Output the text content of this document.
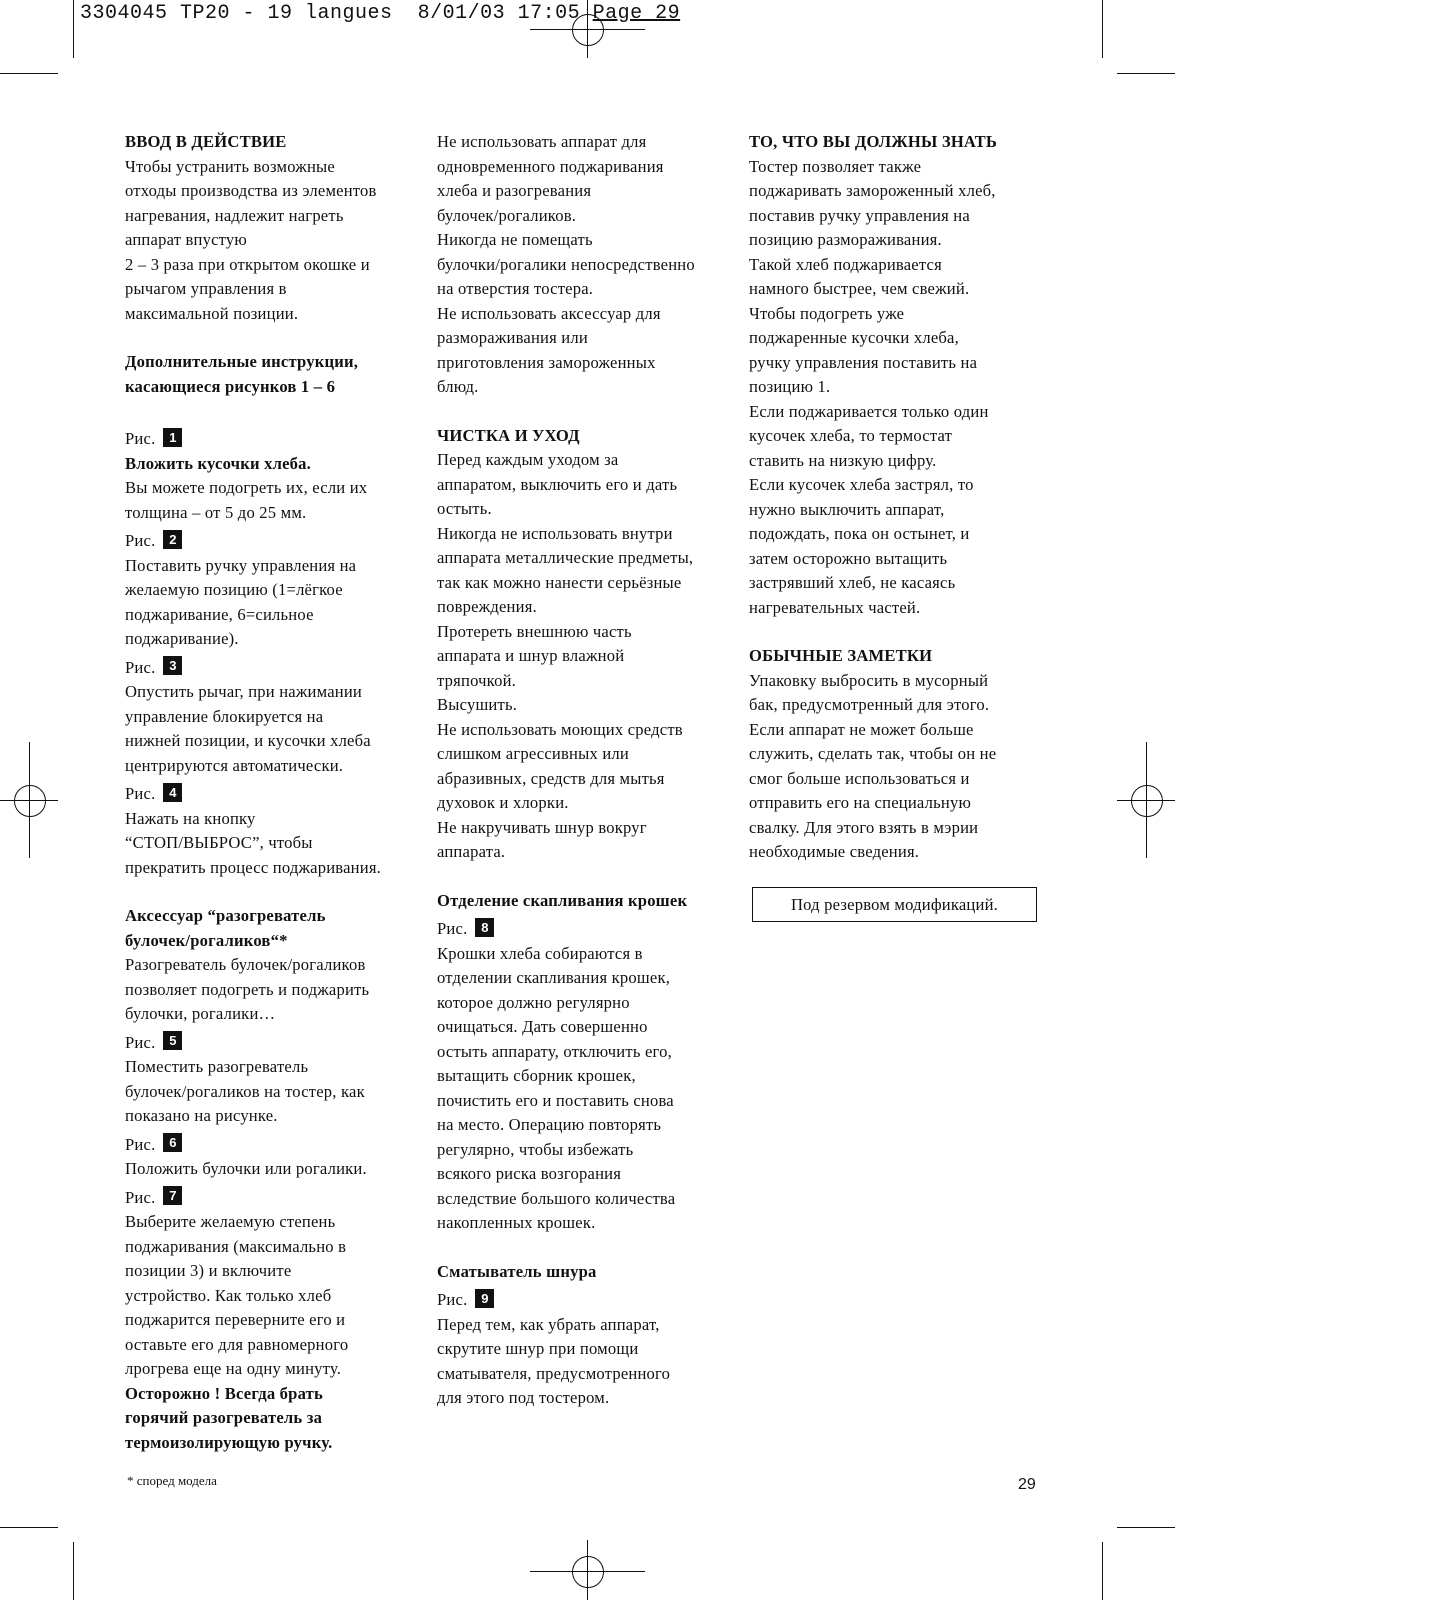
3304045 TP20 - 19 langues 8/01/03 17:05 Page 29

ВВОД В ДЕЙСТВИЕ

Чтобы устранить возможные

отходы производства из элементов

нагревания, надлежит нагреть

аппарат впустую

2 – 3 раза при открытом окошке и

рычагом управления в

максимальной позиции.

Дополнительные инструкции,

касающиеся рисунков 1 – 6

Рис.	1

Вложить кусочки хлеба.

Вы можете подогреть их, если их

толщина – от 5 до 25 мм.

Рис.	2

Поставить ручку управления на

желаемую позицию (1=лёгкое

поджаривание, 6=сильное

поджаривание).

Рис.	3

Опустить рычаг, при нажимании

управление блокируется на

нижней позиции, и кусочки хлеба

центрируются автоматически.

Рис.	4

Нажать на кнопку

“СТОП/ВЫБРОС”, чтобы

прекратить процесс поджаривания.

Аксессуар “разогреватель

булочек/рогаликов“*

Разогреватель булочек/рогаликов

позволяет подогреть и поджарить

булочки, рогалики…

Рис.	5

Поместить разогреватель

булочек/рогаликов на тостер, как

показано на рисунке.

Рис.	6

Положить булочки или рогалики.

Рис.	7

Выберите желаемую степень

поджаривания (максимально в

позиции 3) и включите

устройство. Как только хлеб

поджарится переверните его и

оставьте его для равномерного

лрогрева еще на одну минуту.

Осторожно ! Всегда брать

горячий разогреватель за

термоизолирующую ручку.

Не использовать аппарат для

одновременного поджаривания

хлеба и разогревания

булочек/рогаликов.

Никогда не помещать

булочки/рогалики непосредственно

на отверстия тостера.

Не использовать аксессуар для

размораживания или

приготовления замороженных

блюд.

ЧИСТКА И УХОД

Перед каждым уходом за

аппаратом, выключить его и дать

остыть.

Никогда не использовать внутри

аппарата металлические предметы,

так как можно нанести серьёзные

повреждения.

Протереть внешнюю часть

аппарата и шнур влажной

тряпочкой.

Высушить.

Не использовать моющих средств

слишком агрессивных или

абразивных, средств для мытья

духовок и хлорки.

Не накручивать шнур вокруг

аппарата.

Отделение скапливания крошек

Рис.	8

Крошки хлеба собираются в

отделении скапливания крошек,

которое должно регулярно

очищаться. Дать совершенно

остыть аппарату, отключить его,

вытащить сборник крошек,

почистить его и поставить снова

на место. Операцию повторять

регулярно, чтобы избежать

всякого риска возгорания

вследствие большого количества

накопленных крошек.

Сматыватель шнура

Рис.	9

Перед тем, как убрать аппарат,

скрутите шнур при помощи

сматывателя, предусмотренного

для этого под тостером.

ТО, ЧТО ВЫ ДОЛЖНЫ ЗНАТЬ

Тостер позволяет также

поджаривать замороженный хлеб,

поставив ручку управления на

позицию размораживания.

Такой хлеб поджаривается

намного быстрее, чем свежий.

Чтобы подогреть уже

поджаренные кусочки хлеба,

ручку управления поставить на

позицию 1.

Если поджаривается только один

кусочек хлеба, то термостат

ставить на низкую цифру.

Если кусочек хлеба застрял, то

нужно выключить аппарат,

подождать, пока он остынет, и

затем осторожно вытащить

застрявший хлеб, не касаясь

нагревательных частей.

ОБЫЧНЫЕ ЗАМЕТКИ

Упаковку выбросить в мусорный

бак, предусмотренный для этого.

Если аппарат не может больше

служить, сделать так, чтобы он не

смог больше использоваться и

отправить его на специальную

свалку. Для этого взять в мэрии

необходимые сведения.

Под резервом модификаций.
* според модела	29
